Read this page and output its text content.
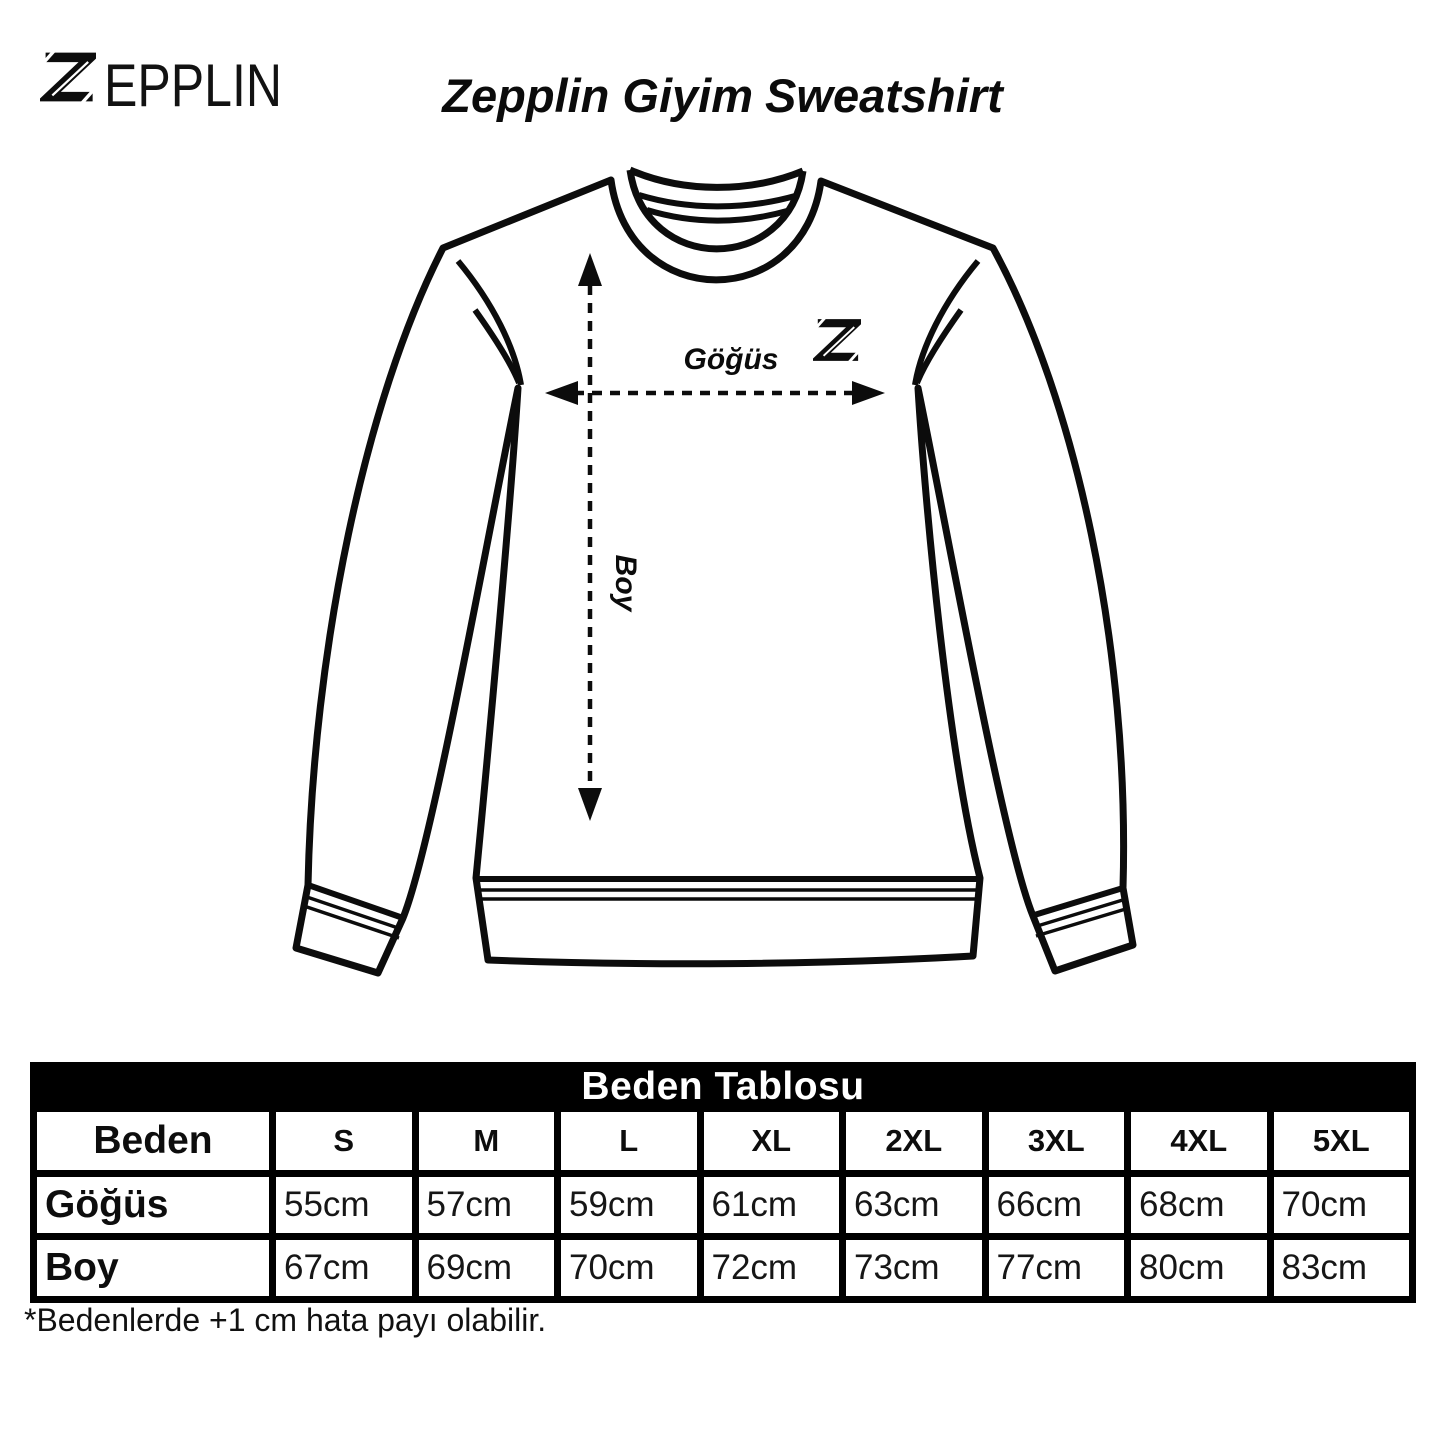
EPPLIN	Zepplin Giyim Sweatshirt
Göğüs
Boy
Beden Tablosu
Beden	S	M	L	XL	2XL	3XL	4XL	5XL
Göğüs	55cm	57cm	59cm	61cm	63cm	66cm	68cm	70cm
Boy	67cm	69cm	70cm	72cm	73cm	77cm	80cm	83cm
*Bedenlerde +1 cm hata payı olabilir.
